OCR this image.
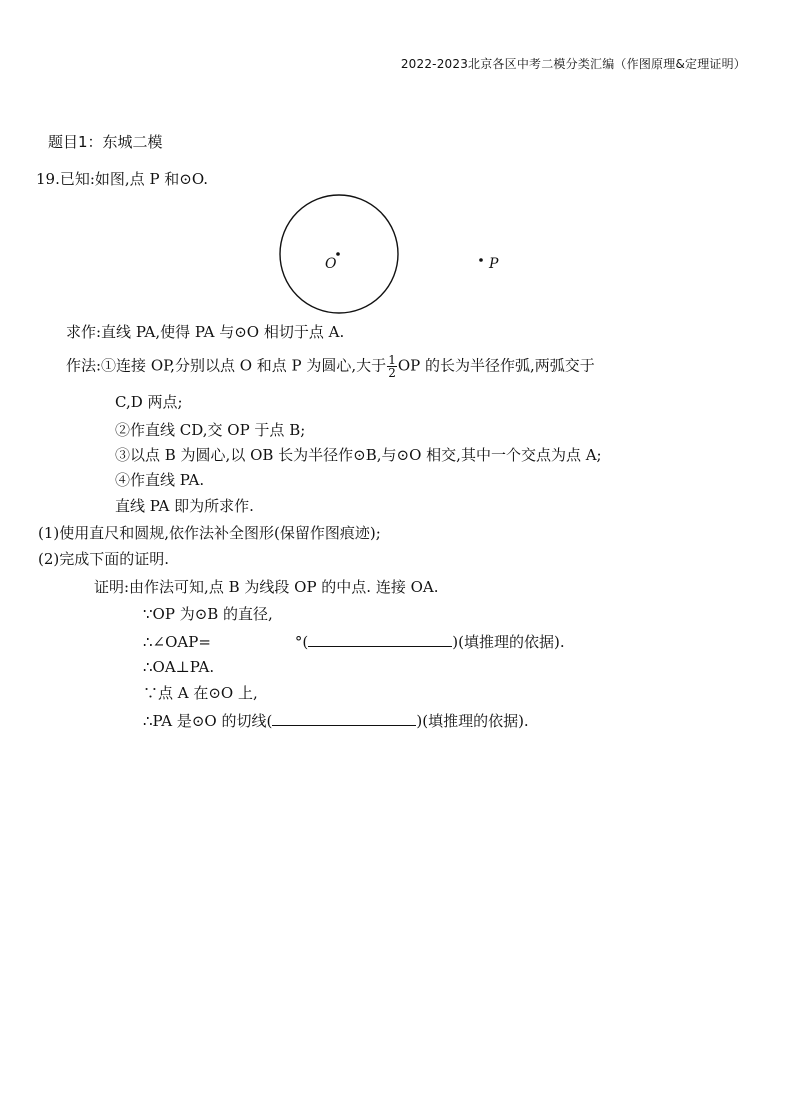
2022-2023北京各区中考二模分类汇编（作图原理&定理证明）
题目1：东城二模
19.已知:如图,点 P 和⊙O.
O	P
求作:直线 PA,使得 PA 与⊙O 相切于点 A.
作法:①连接 OP,分别以点 O 和点 P 为圆心,大于 $\frac{1}{2}$ OP 的长为半径作弧,两弧交于
C,D 两点;
②作直线 CD,交 OP 于点 B;
③以点 B 为圆心,以 OB 长为半径作⊙B,与⊙O 相交,其中一个交点为点 A;
④作直线 PA.
直线 PA 即为所求作.
(1)使用直尺和圆规,依作法补全图形(保留作图痕迹);
(2)完成下面的证明.
证明:由作法可知,点 B 为线段 OP 的中点. 连接 OA.
∵OP 为⊙B 的直径,
∴∠OAP=	°(	)(填推理的依据).
∴OA⊥PA.
∵点 A 在⊙O 上,
∴PA 是⊙O 的切线(	)(填推理的依据).
